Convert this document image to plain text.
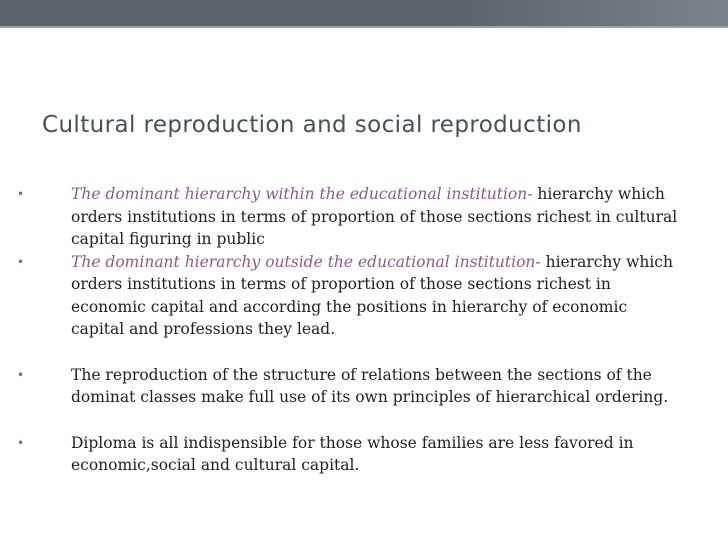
Cultural reproduction and social reproduction
•	The dominant hierarchy within the educational institution- hierarchy which orders institutions in terms of proportion of those sections richest in cultural capital figuring in public
•	The dominant hierarchy outside the educational institution- hierarchy which orders institutions in terms of proportion of those sections richest in economic capital and according the positions in hierarchy of economic capital and professions they lead.
•	The reproduction of the structure of relations between the sections of the dominat classes make full use of its own principles of hierarchical ordering.
•	Diploma is all indispensible for those whose families are less favored in economic,social and cultural capital.
